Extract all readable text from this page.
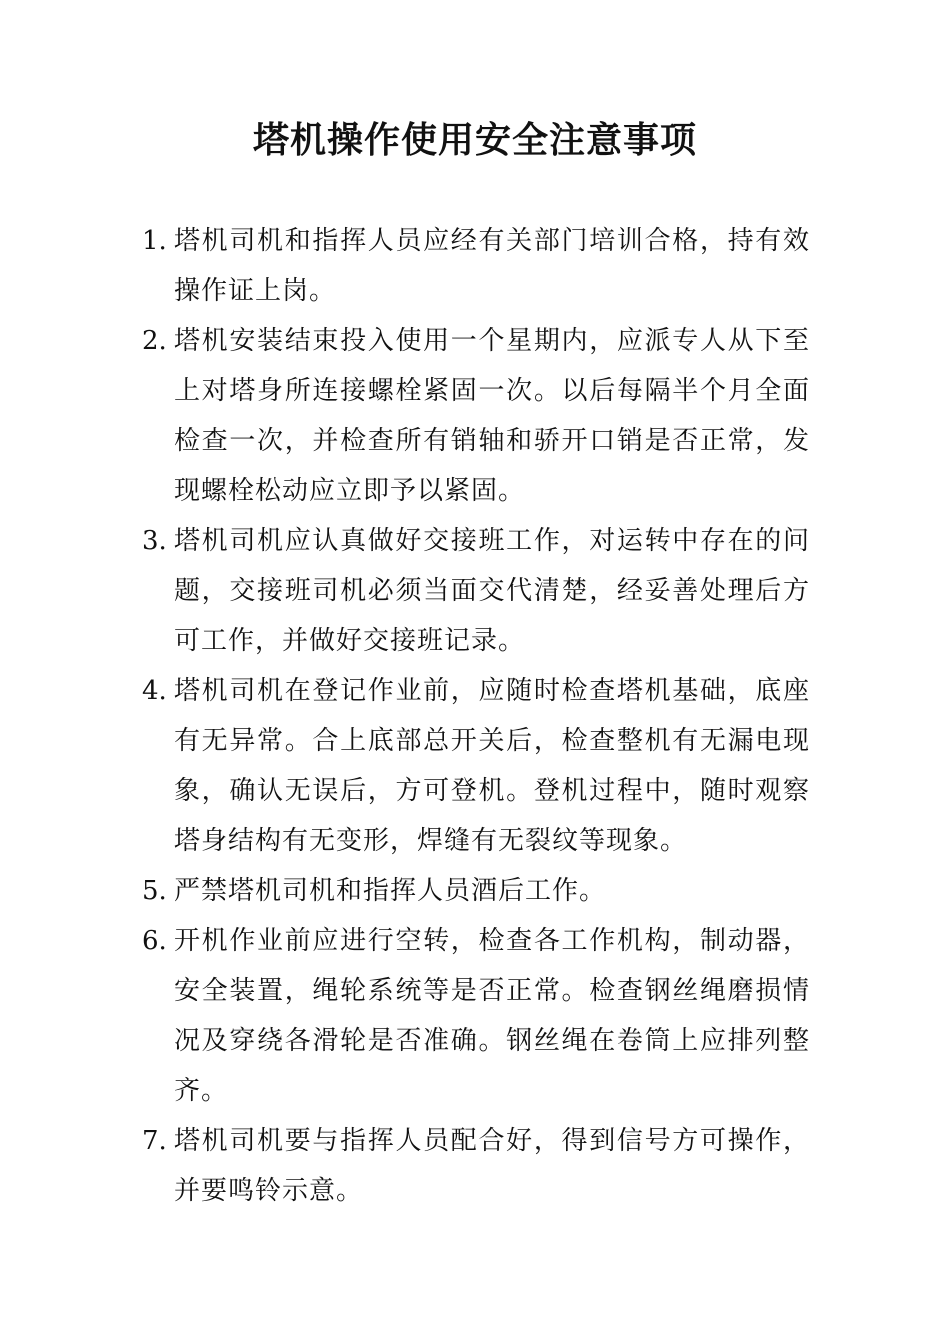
塔机操作使用安全注意事项
1. 塔机司机和指挥人员应经有关部门培训合格，持有效操作证上岗。
2. 塔机安装结束投入使用一个星期内，应派专人从下至上对塔身所连接螺栓紧固一次。以后每隔半个月全面检查一次，并检查所有销轴和骄开口销是否正常，发现螺栓松动应立即予以紧固。
3. 塔机司机应认真做好交接班工作，对运转中存在的问题，交接班司机必须当面交代清楚，经妥善处理后方可工作，并做好交接班记录。
4. 塔机司机在登记作业前，应随时检查塔机基础，底座有无异常。合上底部总开关后，检查整机有无漏电现象，确认无误后，方可登机。登机过程中，随时观察塔身结构有无变形，焊缝有无裂纹等现象。
5. 严禁塔机司机和指挥人员酒后工作。
6. 开机作业前应进行空转，检查各工作机构，制动器，安全装置，绳轮系统等是否正常。检查钢丝绳磨损情况及穿绕各滑轮是否准确。钢丝绳在卷筒上应排列整齐。
7. 塔机司机要与指挥人员配合好，得到信号方可操作，并要鸣铃示意。
